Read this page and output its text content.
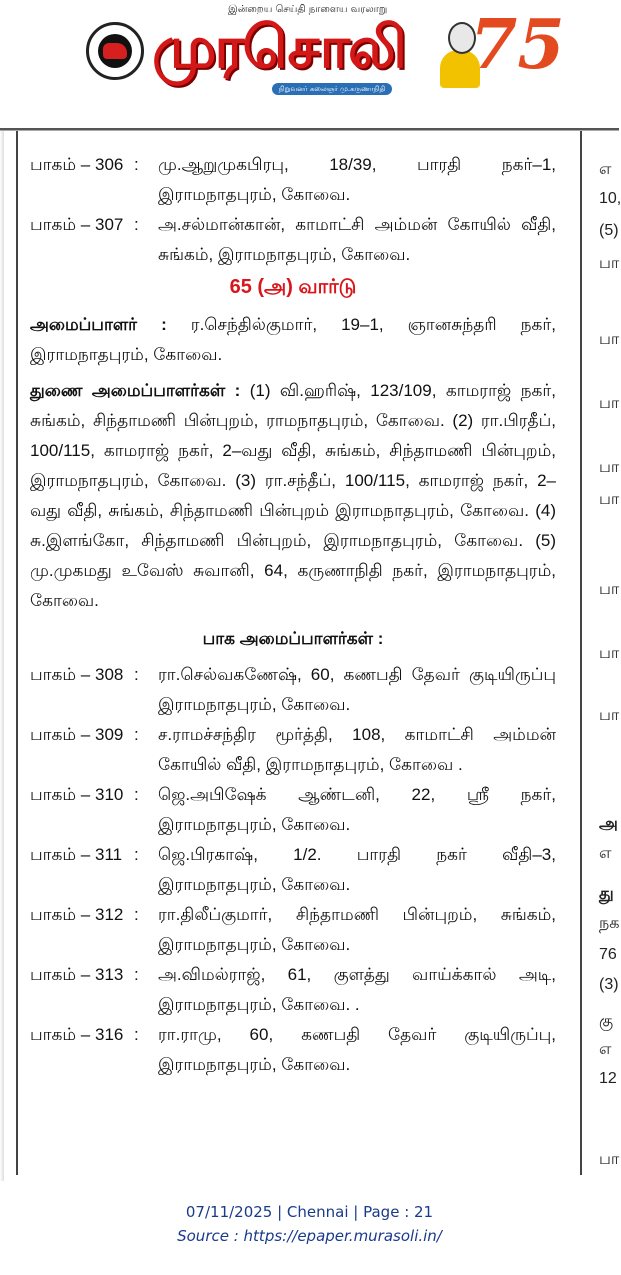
இன்றைய செய்தி நாளைய வரலாறு
முரசொலி
நிறுவனர் கலைஞர் மு.கருணாநிதி
75
பாகம் – 306 :	மு.ஆறுமுகபிரபு, 18/39, பாரதி நகர்–1, இராமநாதபுரம், கோவை.
பாகம் – 307 :	அ.சல்மான்கான், காமாட்சி அம்மன் கோயில் வீதி, சுங்கம், இராமநாதபுரம், கோவை.
65 (அ) வார்டு
அமைப்பாளர் : ர.செந்தில்குமார், 19–1, ஞானசுந்தரி நகர், இராமநாதபுரம், கோவை.
துணை அமைப்பாளர்கள் : (1) வி.ஹரிஷ், 123/109, காமராஜ் நகர், சுங்கம், சிந்தாமணி பின்புறம், ராமநாதபுரம், கோவை. (2) ரா.பிரதீப், 100/115, காமராஜ் நகர், 2–வது வீதி, சுங்கம், சிந்தாமணி பின்புறம், இராமநாதபுரம், கோவை. (3) ரா.சந்தீப், 100/115, காமராஜ் நகர், 2–வது வீதி, சுங்கம், சிந்தாமணி பின்புறம் இராமநாதபுரம், கோவை. (4) சு.இளங்கோ, சிந்தாமணி பின்புறம், இராமநாதபுரம், கோவை. (5) மு.முகமது உவேஸ் சுவானி, 64, கருணாநிதி நகர், இராமநாதபுரம், கோவை.
பாக அமைப்பாளர்கள் :
பாகம் – 308 :	ரா.செல்வகணேஷ், 60, கணபதி தேவர் குடியிருப்பு இராமநாதபுரம், கோவை.
பாகம் – 309 :	ச.ராமச்சந்திர மூர்த்தி, 108, காமாட்சி அம்மன் கோயில் வீதி, இராமநாதபுரம், கோவை .
பாகம் – 310 :	ஜெ.அபிஷேக் ஆண்டனி, 22, ஸ்ரீ நகர், இராமநாதபுரம், கோவை.
பாகம் – 311 :	ஜெ.பிரகாஷ், 1/2. பாரதி நகர் வீதி–3, இராமநாதபுரம், கோவை.
பாகம் – 312 :	ரா.திலீப்குமார், சிந்தாமணி பின்புறம், சுங்கம், இராமநாதபுரம், கோவை.
பாகம் – 313 :	அ.விமல்ராஜ், 61, குளத்து வாய்க்கால் அடி, இராமநாதபுரம், கோவை. .
பாகம் – 316 :	ரா.ராமு, 60, கணபதி தேவர் குடியிருப்பு, இராமநாதபுரம், கோவை.
எ
10,
(5)
பா
பா
பா
பா
பா
பா
பா
பா
அ
எ
து
நக
76
(3)
கு
எ
12
பா
07/11/2025 | Chennai | Page : 21
Source : https://epaper.murasoli.in/
